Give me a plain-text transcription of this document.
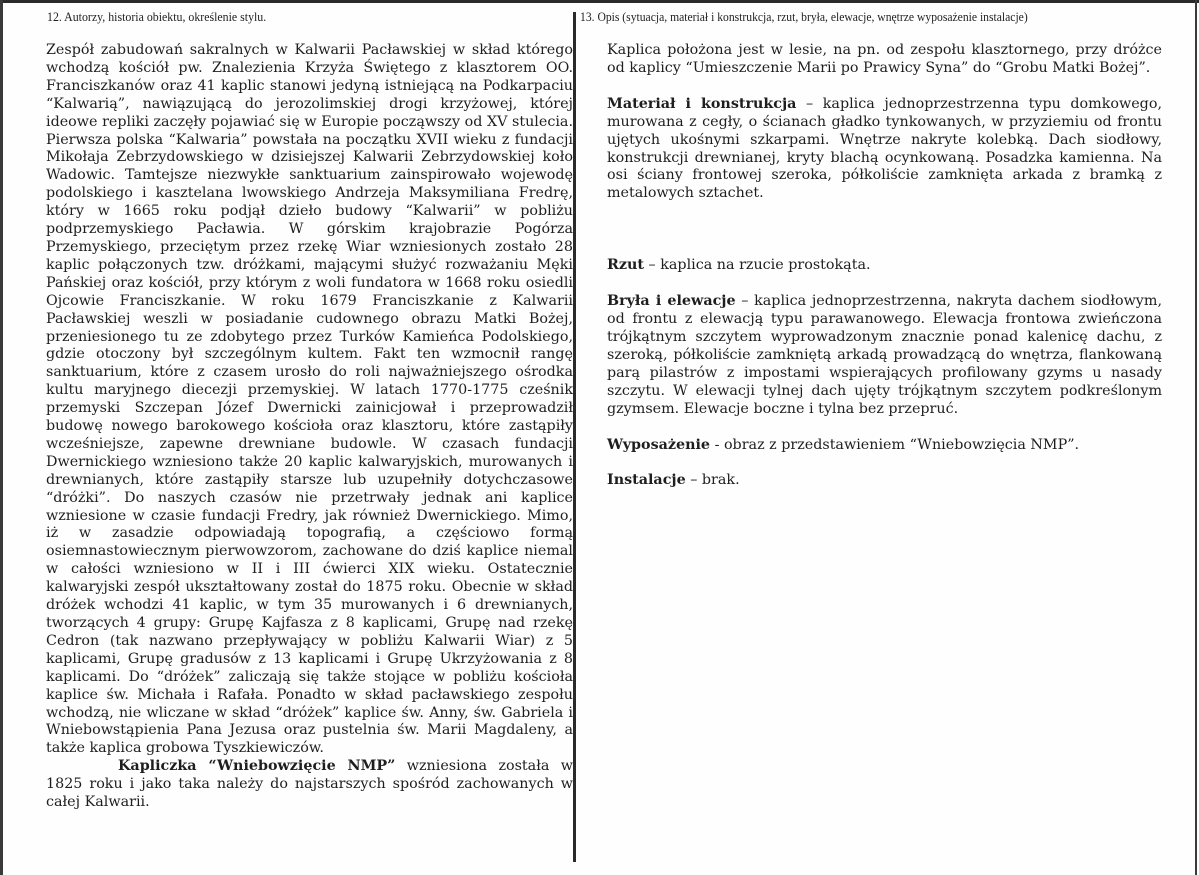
12. Autorzy, historia obiektu, określenie stylu.	13. Opis (sytuacja, materiał i konstrukcja, rzut, bryła, elewacje, wnętrze wyposażenie instalacje)

Zespół zabudowań sakralnych w Kalwarii Pacławskiej w skład którego wchodzą kościół pw. Znalezienia Krzyża Świętego z klasztorem OO. Franciszkanów oraz 41 kaplic stanowi jedyną istniejącą na Podkarpaciu “Kalwarią”, nawiązującą do jerozolimskiej drogi krzyżowej, której ideowe repliki zaczęły pojawiać się w Europie począwszy od XV stulecia. Pierwsza polska “Kalwaria” powstała na początku XVII wieku z fundacji Mikołaja Zebrzydowskiego w dzisiejszej Kalwarii Zebrzydowskiej koło Wadowic. Tamtejsze niezwykłe sanktuarium zainspirowało wojewodę podolskiego i kasztelana lwowskiego Andrzeja Maksymiliana Fredrę, który w 1665 roku podjął dzieło budowy “Kalwarii” w pobliżu podprzemyskiego Pacławia. W górskim krajobrazie Pogórza Przemyskiego, przeciętym przez rzekę Wiar wzniesionych zostało 28 kaplic połączonych tzw. dróżkami, mającymi służyć rozważaniu Męki Pańskiej oraz kościół, przy którym z woli fundatora w 1668 roku osiedli Ojcowie Franciszkanie. W roku 1679 Franciszkanie z Kalwarii Pacławskiej weszli w posiadanie cudownego obrazu Matki Bożej, przeniesionego tu ze zdobytego przez Turków Kamieńca Podolskiego, gdzie otoczony był szczególnym kultem. Fakt ten wzmocnił rangę sanktuarium, które z czasem urosło do roli najważniejszego ośrodka kultu maryjnego diecezji przemyskiej. W latach 1770-1775 cześnik przemyski Szczepan Józef Dwernicki zainicjował i przeprowadził budowę nowego barokowego kościoła oraz klasztoru, które zastąpiły wcześniejsze, zapewne drewniane budowle. W czasach fundacji Dwernickiego wzniesiono także 20 kaplic kalwaryjskich, murowanych i drewnianych, które zastąpiły starsze lub uzupełniły dotychczasowe “dróżki”. Do naszych czasów nie przetrwały jednak ani kaplice wzniesione w czasie fundacji Fredry, jak również Dwernickiego. Mimo, iż w zasadzie odpowiadają topografią, a częściowo formą osiemnastowiecznym pierwowzorom, zachowane do dziś kaplice niemal w całości wzniesiono w II i III ćwierci XIX wieku. Ostatecznie kalwaryjski zespół ukształtowany został do 1875 roku. Obecnie w skład dróżek wchodzi 41 kaplic, w tym 35 murowanych i 6 drewnianych, tworzących 4 grupy: Grupę Kajfasza z 8 kaplicami, Grupę nad rzekę Cedron (tak nazwano przepływający w pobliżu Kalwarii Wiar) z 5 kaplicami, Grupę gradusów z 13 kaplicami i Grupę Ukrzyżowania z 8 kaplicami. Do “dróżek” zaliczają się także stojące w pobliżu kościoła kaplice św. Michała i Rafała. Ponadto w skład pacławskiego zespołu wchodzą, nie wliczane w skład “dróżek” kaplice św. Anny, św. Gabriela i Wniebowstąpienia Pana Jezusa oraz pustelnia św. Marii Magdaleny, a także kaplica grobowa Tyszkiewiczów.

Kapliczka “Wniebowzięcie NMP” wzniesiona została w 1825 roku i jako taka należy do najstarszych spośród zachowanych w całej Kalwarii.

Kaplica położona jest w lesie, na pn. od zespołu klasztornego, przy dróżce od kaplicy “Umieszczenie Marii po Prawicy Syna” do “Grobu Matki Bożej”.

Materiał i konstrukcja – kaplica jednoprzestrzenna typu domkowego, murowana z cegły, o ścianach gładko tynkowanych, w przyziemiu od frontu ujętych ukośnymi szkarpami. Wnętrze nakryte kolebką. Dach siodłowy, konstrukcji drewnianej, kryty blachą ocynkowaną. Posadzka kamienna. Na osi ściany frontowej szeroka, półkoliście zamknięta arkada z bramką z metalowych sztachet.

Rzut – kaplica na rzucie prostokąta.

Bryła i elewacje – kaplica jednoprzestrzenna, nakryta dachem siodłowym, od frontu z elewacją typu parawanowego. Elewacja frontowa zwieńczona trójkątnym szczytem wyprowadzonym znacznie ponad kalenicę dachu, z szeroką, półkoliście zamkniętą arkadą prowadzącą do wnętrza, flankowaną parą pilastrów z impostami wspierających profilowany gzyms u nasady szczytu. W elewacji tylnej dach ujęty trójkątnym szczytem podkreślonym gzymsem. Elewacje boczne i tylna bez przepruć.

Wyposażenie - obraz z przedstawieniem “Wniebowzięcia NMP”.

Instalacje – brak.
